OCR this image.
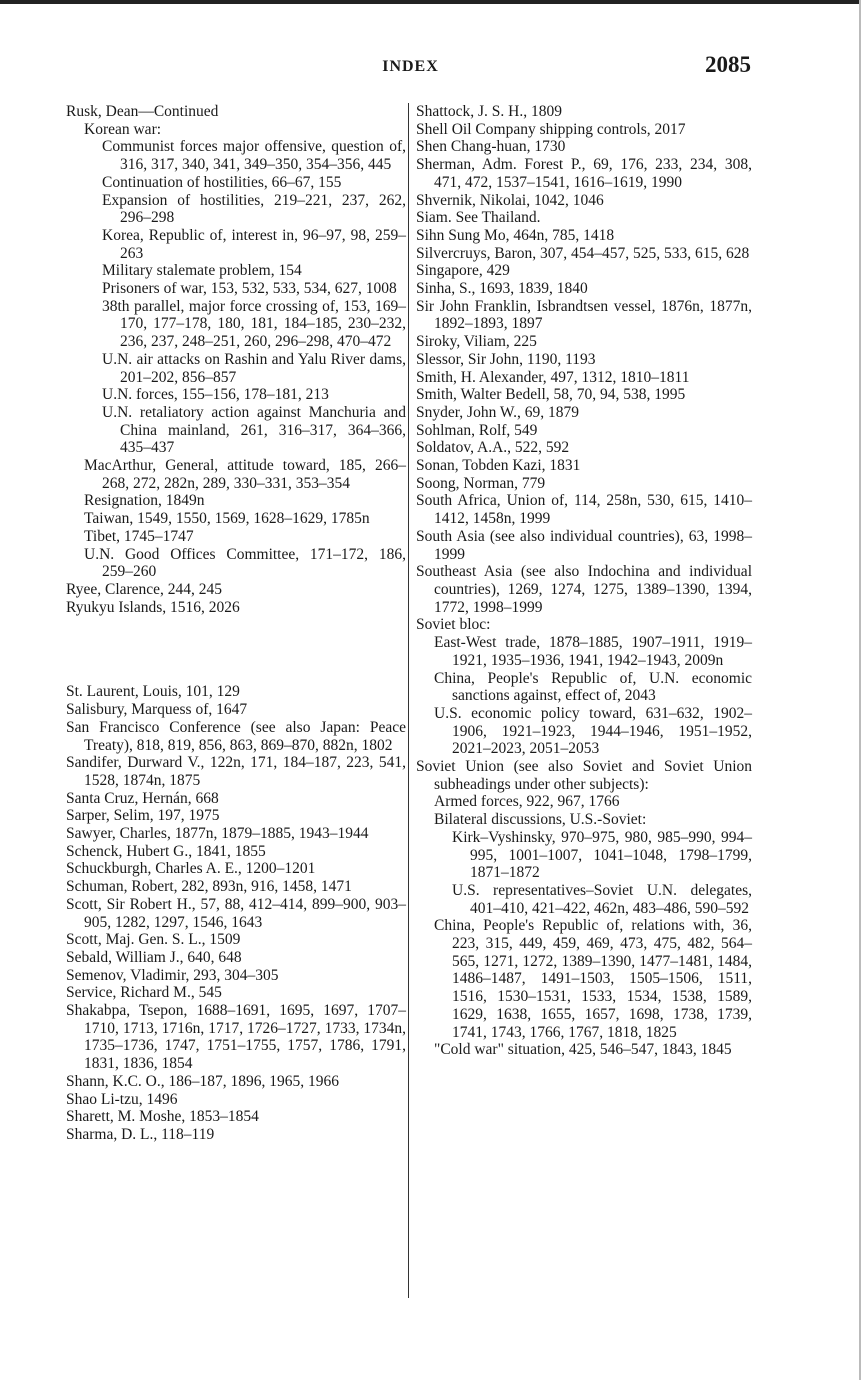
INDEX	2085

Rusk, Dean—Continued

Korean war:

Communist forces major offensive, question of, 316, 317, 340, 341, 349–350, 354–356, 445

Continuation of hostilities, 66–67, 155

Expansion of hostilities, 219–221, 237, 262, 296–298

Korea, Republic of, interest in, 96–97, 98, 259–263

Military stalemate problem, 154

Prisoners of war, 153, 532, 533, 534, 627, 1008

38th parallel, major force crossing of, 153, 169–170, 177–178, 180, 181, 184–185, 230–232, 236, 237, 248–251, 260, 296–298, 470–472

U.N. air attacks on Rashin and Yalu River dams, 201–202, 856–857

U.N. forces, 155–156, 178–181, 213

U.N. retaliatory action against Manchuria and China mainland, 261, 316–317, 364–366, 435–437

MacArthur, General, attitude toward, 185, 266–268, 272, 282n, 289, 330–331, 353–354

Resignation, 1849n

Taiwan, 1549, 1550, 1569, 1628–1629, 1785n

Tibet, 1745–1747

U.N. Good Offices Committee, 171–172, 186, 259–260

Ryee, Clarence, 244, 245

Ryukyu Islands, 1516, 2026

St. Laurent, Louis, 101, 129

Salisbury, Marquess of, 1647

San Francisco Conference (see also Japan: Peace Treaty), 818, 819, 856, 863, 869–870, 882n, 1802

Sandifer, Durward V., 122n, 171, 184–187, 223, 541, 1528, 1874n, 1875

Santa Cruz, Hernán, 668

Sarper, Selim, 197, 1975

Sawyer, Charles, 1877n, 1879–1885, 1943–1944

Schenck, Hubert G., 1841, 1855

Schuckburgh, Charles A. E., 1200–1201

Schuman, Robert, 282, 893n, 916, 1458, 1471

Scott, Sir Robert H., 57, 88, 412–414, 899–900, 903–905, 1282, 1297, 1546, 1643

Scott, Maj. Gen. S. L., 1509

Sebald, William J., 640, 648

Semenov, Vladimir, 293, 304–305

Service, Richard M., 545

Shakabpa, Tsepon, 1688–1691, 1695, 1697, 1707–1710, 1713, 1716n, 1717, 1726–1727, 1733, 1734n, 1735–1736, 1747, 1751–1755, 1757, 1786, 1791, 1831, 1836, 1854

Shann, K.C. O., 186–187, 1896, 1965, 1966

Shao Li-tzu, 1496

Sharett, M. Moshe, 1853–1854

Sharma, D. L., 118–119

Shattock, J. S. H., 1809

Shell Oil Company shipping controls, 2017

Shen Chang-huan, 1730

Sherman, Adm. Forest P., 69, 176, 233, 234, 308, 471, 472, 1537–1541, 1616–1619, 1990

Shvernik, Nikolai, 1042, 1046

Siam. See Thailand.

Sihn Sung Mo, 464n, 785, 1418

Silvercruys, Baron, 307, 454–457, 525, 533, 615, 628

Singapore, 429

Sinha, S., 1693, 1839, 1840

Sir John Franklin, Isbrandtsen vessel, 1876n, 1877n, 1892–1893, 1897

Siroky, Viliam, 225

Slessor, Sir John, 1190, 1193

Smith, H. Alexander, 497, 1312, 1810–1811

Smith, Walter Bedell, 58, 70, 94, 538, 1995

Snyder, John W., 69, 1879

Sohlman, Rolf, 549

Soldatov, A.A., 522, 592

Sonan, Tobden Kazi, 1831

Soong, Norman, 779

South Africa, Union of, 114, 258n, 530, 615, 1410–1412, 1458n, 1999

South Asia (see also individual countries), 63, 1998–1999

Southeast Asia (see also Indochina and individual countries), 1269, 1274, 1275, 1389–1390, 1394, 1772, 1998–1999

Soviet bloc:

East-West trade, 1878–1885, 1907–1911, 1919–1921, 1935–1936, 1941, 1942–1943, 2009n

China, People's Republic of, U.N. economic sanctions against, effect of, 2043

U.S. economic policy toward, 631–632, 1902–1906, 1921–1923, 1944–1946, 1951–1952, 2021–2023, 2051–2053

Soviet Union (see also Soviet and Soviet Union subheadings under other subjects):

Armed forces, 922, 967, 1766

Bilateral discussions, U.S.-Soviet:

Kirk–Vyshinsky, 970–975, 980, 985–990, 994–995, 1001–1007, 1041–1048, 1798–1799, 1871–1872

U.S. representatives–Soviet U.N. delegates, 401–410, 421–422, 462n, 483–486, 590–592

China, People's Republic of, relations with, 36, 223, 315, 449, 459, 469, 473, 475, 482, 564–565, 1271, 1272, 1389–1390, 1477–1481, 1484, 1486–1487, 1491–1503, 1505–1506, 1511, 1516, 1530–1531, 1533, 1534, 1538, 1589, 1629, 1638, 1655, 1657, 1698, 1738, 1739, 1741, 1743, 1766, 1767, 1818, 1825

"Cold war" situation, 425, 546–547, 1843, 1845
